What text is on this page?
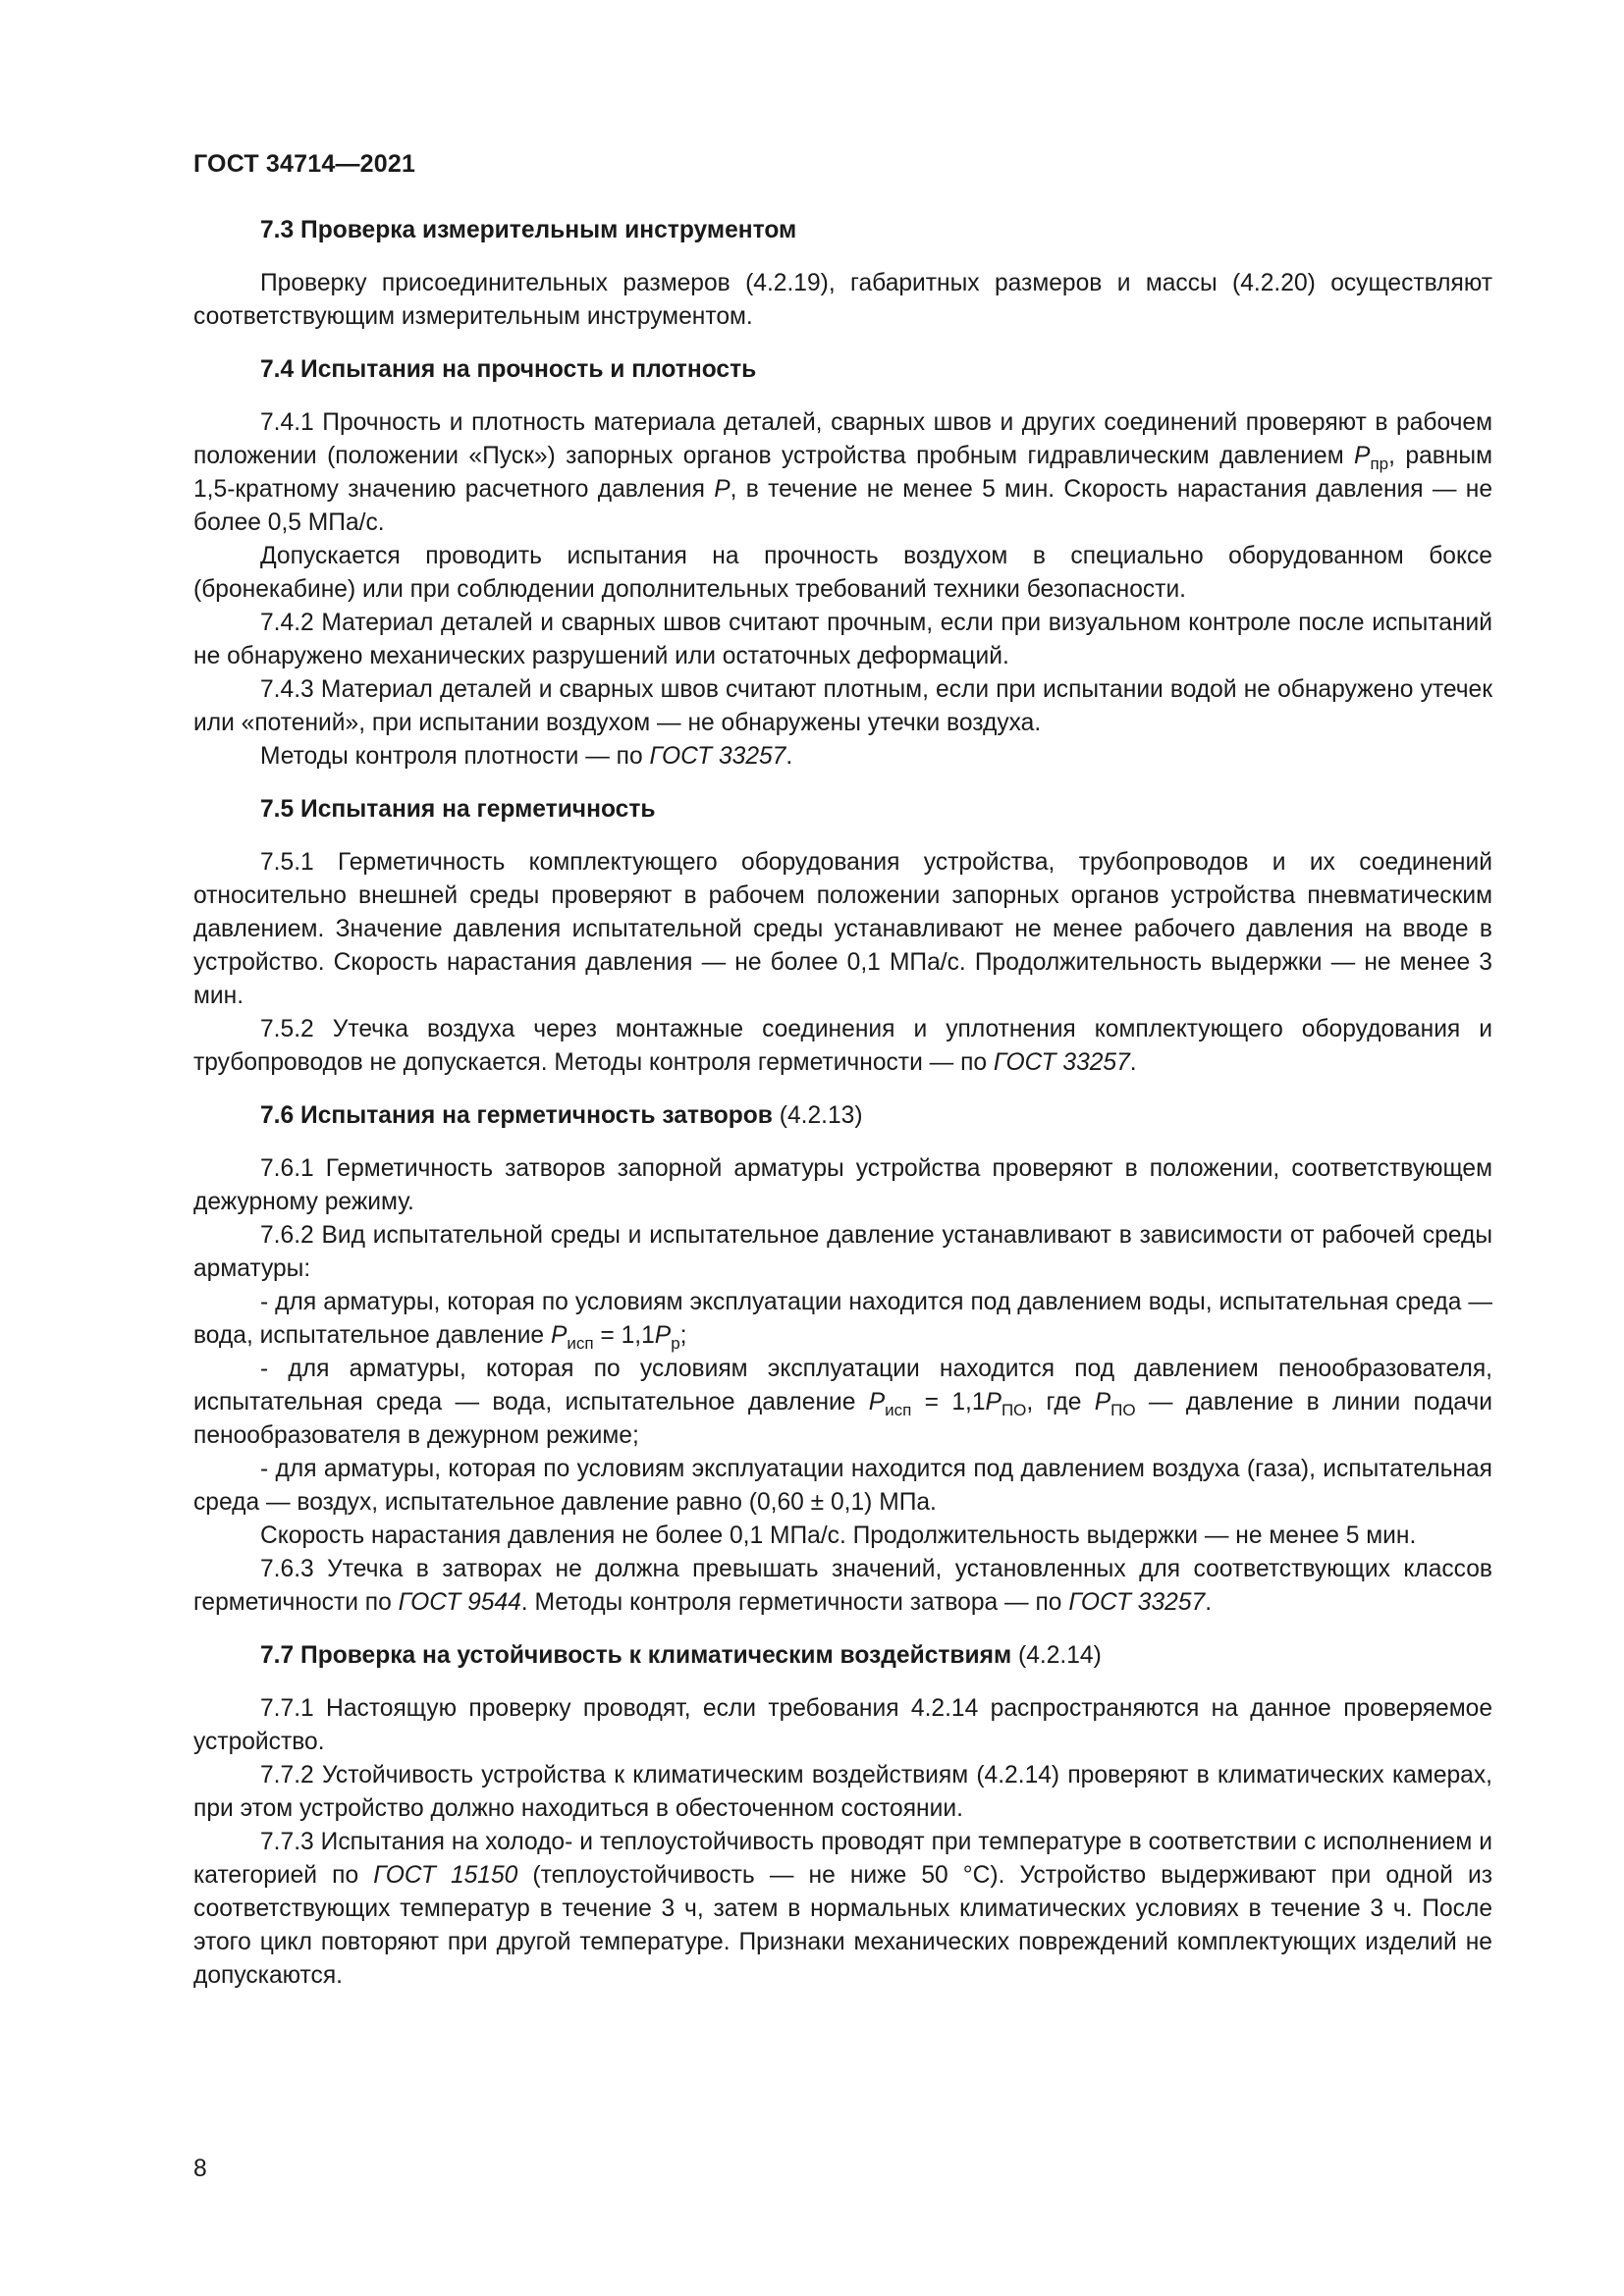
ГОСТ 34714—2021
7.3 Проверка измерительным инструментом

Проверку присоединительных размеров (4.2.19), габаритных размеров и массы (4.2.20) осуществляют соответствующим измерительным инструментом.

7.4 Испытания на прочность и плотность

7.4.1 Прочность и плотность материала деталей, сварных швов и других соединений проверяют в рабочем положении (положении «Пуск») запорных органов устройства пробным гидравлическим давлением $P_{пр}$, равным 1,5-кратному значению расчетного давления P, в течение не менее 5 мин. Скорость нарастания давления — не более 0,5 МПа/с.

Допускается проводить испытания на прочность воздухом в специально оборудованном боксе (бронекабине) или при соблюдении дополнительных требований техники безопасности.

7.4.2 Материал деталей и сварных швов считают прочным, если при визуальном контроле после испытаний не обнаружено механических разрушений или остаточных деформаций.

7.4.3 Материал деталей и сварных швов считают плотным, если при испытании водой не обнаружено утечек или «потений», при испытании воздухом — не обнаружены утечки воздуха.

Методы контроля плотности — по ГОСТ 33257.

7.5 Испытания на герметичность

7.5.1 Герметичность комплектующего оборудования устройства, трубопроводов и их соединений относительно внешней среды проверяют в рабочем положении запорных органов устройства пневматическим давлением. Значение давления испытательной среды устанавливают не менее рабочего давления на вводе в устройство. Скорость нарастания давления — не более 0,1 МПа/с. Продолжительность выдержки — не менее 3 мин.

7.5.2 Утечка воздуха через монтажные соединения и уплотнения комплектующего оборудования и трубопроводов не допускается. Методы контроля герметичности — по ГОСТ 33257.

7.6 Испытания на герметичность затворов (4.2.13)

7.6.1 Герметичность затворов запорной арматуры устройства проверяют в положении, соответствующем дежурному режиму.

7.6.2 Вид испытательной среды и испытательное давление устанавливают в зависимости от рабочей среды арматуры:

- для арматуры, которая по условиям эксплуатации находится под давлением воды, испытательная среда — вода, испытательное давление $P_{исп} = 1,1P_р$;

- для арматуры, которая по условиям эксплуатации находится под давлением пенообразователя, испытательная среда — вода, испытательное давление $P_{исп} = 1,1P_{ПО}$, где $P_{ПО}$ — давление в линии подачи пенообразователя в дежурном режиме;

- для арматуры, которая по условиям эксплуатации находится под давлением воздуха (газа), испытательная среда — воздух, испытательное давление равно (0,60 ± 0,1) МПа.

Скорость нарастания давления не более 0,1 МПа/с. Продолжительность выдержки — не менее 5 мин.

7.6.3 Утечка в затворах не должна превышать значений, установленных для соответствующих классов герметичности по ГОСТ 9544. Методы контроля герметичности затвора — по ГОСТ 33257.

7.7 Проверка на устойчивость к климатическим воздействиям (4.2.14)

7.7.1 Настоящую проверку проводят, если требования 4.2.14 распространяются на данное проверяемое устройство.

7.7.2 Устойчивость устройства к климатическим воздействиям (4.2.14) проверяют в климатических камерах, при этом устройство должно находиться в обесточенном состоянии.

7.7.3 Испытания на холодо- и теплоустойчивость проводят при температуре в соответствии с исполнением и категорией по ГОСТ 15150 (теплоустойчивость — не ниже 50 °C). Устройство выдерживают при одной из соответствующих температур в течение 3 ч, затем в нормальных климатических условиях в течение 3 ч. После этого цикл повторяют при другой температуре. Признаки механических повреждений комплектующих изделий не допускаются.

8
